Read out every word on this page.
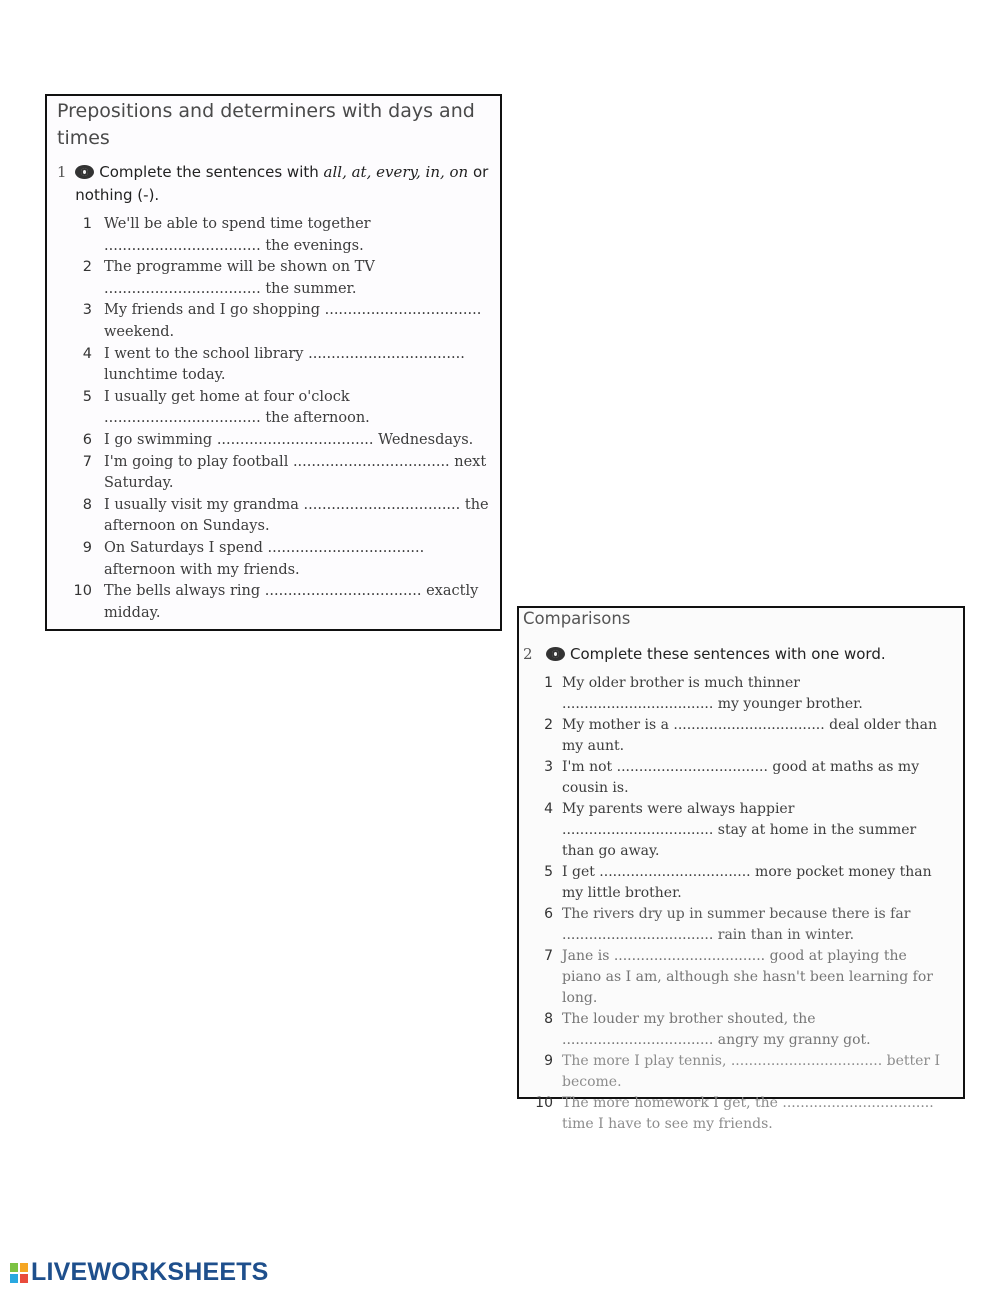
Prepositions and determiners with days and times
1	Complete the sentences with all, at, every, in, on or nothing (-).
1 We'll be able to spend time together .................................. the evenings.
2 The programme will be shown on TV .................................. the summer.
3 My friends and I go shopping .................................. weekend.
4 I went to the school library .................................. lunchtime today.
5 I usually get home at four o'clock .................................. the afternoon.
6 I go swimming .................................. Wednesdays.
7 I'm going to play football .................................. next Saturday.
8 I usually visit my grandma .................................. the afternoon on Sundays.
9 On Saturdays I spend .................................. afternoon with my friends.
10 The bells always ring .................................. exactly midday.	Comparisons
2	Complete these sentences with one word.
1 My older brother is much thinner .................................. my younger brother.
2 My mother is a .................................. deal older than my aunt.
3 I'm not .................................. good at maths as my cousin is.
4 My parents were always happier .................................. stay at home in the summer than go away.
5 I get .................................. more pocket money than my little brother.
6 The rivers dry up in summer because there is far .................................. rain than in winter.
7 Jane is .................................. good at playing the piano as I am, although she hasn't been learning for long.
8 The louder my brother shouted, the .................................. angry my granny got.
9 The more I play tennis, .................................. better I become.
10 The more homework I get, the .................................. time I have to see my friends.
LIVEWORKSHEETS
